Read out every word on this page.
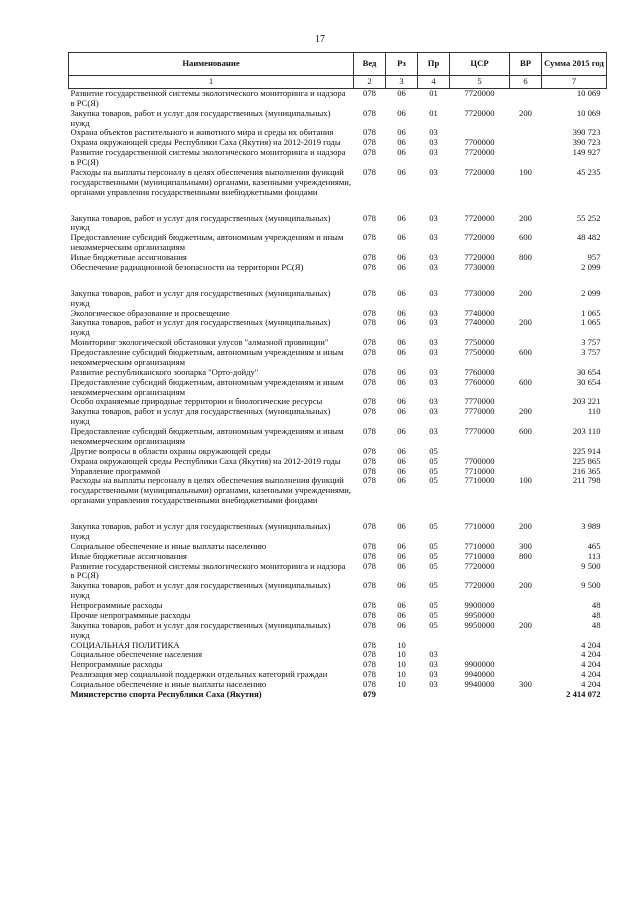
17
Наименование	Вед	Рз	Пр	ЦСР	ВР	Сумма 2015 год
1	2	3	4	5	6	7
Развитие государственной системы экологического мониторинга и надзора в РС(Я)	078	06	01	7720000		10 069
Закупка товаров, работ и услуг для государственных (муниципальных) нужд	078	06	01	7720000	200	10 069
Охрана объектов растительного и животного мира и среды их обитания	078	06	03			390 723
Охрана окружающей среды Республики Саха (Якутия) на 2012-2019 годы	078	06	03	7700000		390 723
Развитие государственной системы экологического мониторинга и надзора в РС(Я)	078	06	03	7720000		149 927
Расходы на выплаты персоналу в целях обеспечения выполнения функций государственными (муниципальными) органами, казенными учреждениями, органами управления государственными внебюджетными фондами	078	06	03	7720000	100	45 235
Закупка товаров, работ и услуг для государственных (муниципальных) нужд	078	06	03	7720000	200	55 252
Предоставление субсидий бюджетным, автономным учреждениям и иным некоммерческим организациям	078	06	03	7720000	600	48 482
Иные бюджетные ассигнования	078	06	03	7720000	800	957
Обеспечение радиационной безопасности на территории РС(Я)	078	06	03	7730000		2 099
Закупка товаров, работ и услуг для государственных (муниципальных) нужд	078	06	03	7730000	200	2 099
Экологическое образование и просвещение	078	06	03	7740000		1 065
Закупка товаров, работ и услуг для государственных (муниципальных) нужд	078	06	03	7740000	200	1 065
Мониторинг экологической обстановки улусов "алмазной провинции"	078	06	03	7750000		3 757
Предоставление субсидий бюджетным, автономным учреждениям и иным некоммерческим организациям	078	06	03	7750000	600	3 757
Развитие республиканского зоопарка "Орто-дойду"	078	06	03	7760000		30 654
Предоставление субсидий бюджетным, автономным учреждениям и иным некоммерческим организациям	078	06	03	7760000	600	30 654
Особо охраняемые природные территории и биологические ресурсы	078	06	03	7770000		203 221
Закупка товаров, работ и услуг для государственных (муниципальных) нужд	078	06	03	7770000	200	110
Предоставление субсидий бюджетным, автономным учреждениям и иным некоммерческим организациям	078	06	03	7770000	600	203 110
Другие вопросы в области охраны окружающей среды	078	06	05			225 914
Охрана окружающей среды Республики Саха (Якутия) на 2012-2019 годы	078	06	05	7700000		225 865
Управление программой	078	06	05	7710000		216 365
Расходы на выплаты персоналу в целях обеспечения выполнения функций государственными (муниципальными) органами, казенными учреждениями, органами управления государственными внебюджетными фондами	078	06	05	7710000	100	211 798
Закупка товаров, работ и услуг для государственных (муниципальных) нужд	078	06	05	7710000	200	3 989
Социальное обеспечение и иные выплаты населению	078	06	05	7710000	300	465
Иные бюджетные ассигнования	078	06	05	7710000	800	113
Развитие государственной системы экологического мониторинга и надзора в РС(Я)	078	06	05	7720000		9 500
Закупка товаров, работ и услуг для государственных (муниципальных) нужд	078	06	05	7720000	200	9 500
Непрограммные расходы	078	06	05	9900000		48
Прочие непрограммные расходы	078	06	05	9950000		48
Закупка товаров, работ и услуг для государственных (муниципальных) нужд	078	06	05	9950000	200	48
СОЦИАЛЬНАЯ ПОЛИТИКА	078	10				4 204
Социальное обеспечение населения	078	10	03			4 204
Непрограммные расходы	078	10	03	9900000		4 204
Реализация мер социальной поддержки отдельных категорий граждан	078	10	03	9940000		4 204
Социальное обеспечение и иные выплаты населению	078	10	03	9940000	300	4 204
Министерство спорта Республики Саха (Якутия)	079					2 414 072
